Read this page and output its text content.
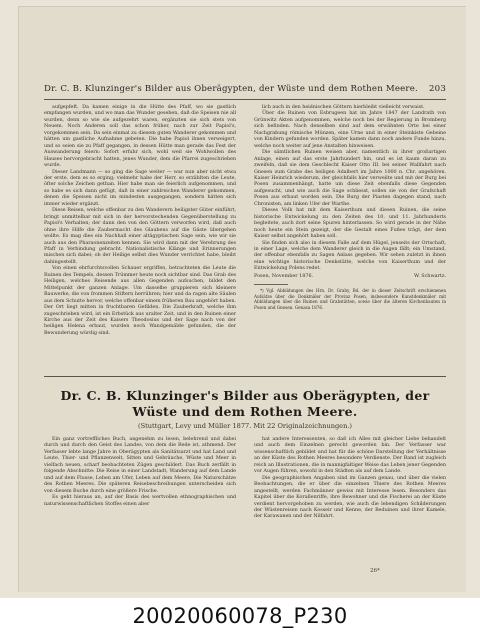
Dr. C. B. Klunzinger's Bilder aus Oberägypten, der Wüste und dem Rothen Meere. 203

aufgepfeft. Da kamen einige in die Hütte des Pfaff, wo sie gastlich empfangen wurden, und wo man das Wunder gesehen, daß die Speisen nie all wurden, denn so wie sie aufgezehrt waren, ergänzten sie sich stets von Neuem. Noch Anderen soll das schon früher, nach zur Zeit Papiol's, vorgekommen sein. Da sein einmal zu diesem guten Wanderer gekommen und hätten um gastliche Aufnahme gebeten. Die habe Papiol ihnen verweigert, und so seien sie zu Pfaff gegangen, in dessen Hütte man gerade das Fest der Auswanderung feiern: Sofort erfuhr sich, wohl weil sie Wohlwollen des Hauses hervorgebracht hatten, jenes Wunder, dem die Pfarrei zugeschrieben wurde.

Dieser Landmann — so ging die Sage weiter — war nun aber nicht etwa der erste, dem es so erging; vielmehr habe der Herr, so erzählten die Leute, öfter solche Zeichen gethan. Hier habe man sie feierlich aufgenommen, und so habe es sich dann gefügt, daß in einer zahlreichen Wanderer gekommen, denen die Speisen nicht im mindesten ausgegangen, sondern hätten sich immer wieder ergänzt.

Diese Reisen, welche offenbar zu den Wanderern heiligster Güter einführt, bringt unmittelbar mit sich in der hervorstechenden Gegenüberstellung zu Papiol's Verhalten; der dann den von den Göttern verworfen wird, daß auch ohne ihre Hilfe die Zaubermacht des Glaubens auf die Gäste übergehen wollte. Es mag dies ein Nachhall einer altägyptischen Sage sein, wie wir sie auch aus den Pharaonenzeiten kennen. Sie wird dann mit der Verehrung des Pfaff in Verbindung gebracht. Nationalistische Klänge und Erinnerungen mischen sich dabei; ob der Heilige selbst dies Wunder verrichtet habe, bleibt dahingestellt.

Von einen ehrfurchtsvollen Schauer ergriffen, betrachteten die Leute die Ruinen des Tempels, dessen Trümmer heute noch sichtbar sind. Das Grab des Heiligen, welches Reisende aus allen Gegenden aufsuchen, bildet den Mittelpunkt der ganzen Anlage. Um dasselbe gruppieren sich kleinere Bauwerke, die von frommen Stiftern herrühren; hier und da ragen alte Säulen aus dem Schutte hervor, welche offenbar einem früheren Bau angehört haben. Der Ort liegt mitten in fruchtbaren Gefilden. Die Zauberkraft, welche ihm zugeschrieben wird, ist ein Erbstück aus uralter Zeit, und in den Ruinen einer Kirche aus der Zeit des Kaisers Theodosius und der Sage nach von der heiligen Helena erbaut, wurden noch Wandgemälde gefunden, die der Bewunderung würdig sind.

lich auch in den heidnischen Göttern hierbleibt vielleicht verwaist.

Über die Ruinen von Esbrugeen hat im Jahre 1847 der Landrath von Grünwitz Akten aufgenommen, welche noch bei der Regierung in Bromberg sich befinden. Nach denselben sind auf dem erwähnten Orte bei einer Nachgrabung römische Münzen, eine Urne und in einer Steinkiste Gebeine von Kindern gefunden worden. Später kamen dann noch andere Funde hinzu, welche noch weiter auf jene Anstalten hinweisen.

Die sämtlichen Ruinen weisen aber, namentlich in ihrer großartigen Anlage, einen auf das erste Jahrhundert hin, und es ist kaum daran zu zweifeln, daß sie dem Geschlecht Kaiser Otto III. bei seiner Wallfahrt nach Gnesen zum Grabe des heiligen Adalbert im Jahre 1000 n. Chr. angehören. Kaiser Heinrich wiederum, der gleichfalls hier verweilte und mit der Burg bei Posen zusammenhängt, hatte um diese Zeit ebenfalls diese Gegenden aufgesucht, und wie auch die Sage schliesst, sollen sie von der Grafschaft Posen aus erbaut worden sein. Die Burg der Piasten dagegen stand, nach Chronisten, am linken Ufer der Warthe.

Dieses Volk hat mit dem Kaiserthum und diesen Ruinen, die seine historische Entwickelung zu den Zeiten des 10. und 11. Jahrhunderts begleitete, auch dort seine Spuren hinterlassen. So wird gerade in der Nähe noch heute ein Stein gezeigt, der die Gestalt eines Fußes trägt, der dem Kaiser selbst angehört haben soll.

Sie finden sich also in diesem Falle auf dem Hügel, jenseits der Ortschaft, in einer Lage, welche dem Wanderer gleich in die Augen fällt; ein Umstand, der offenbar ebenfalls zu Sagen Anlass gegeben. Wir sehen zuletzt in ihnen eine wichtige historische Denkstätte, welche von Kaiserthum und der Entwickelung Polens redet.

Posen, November 1876.	W. Schwartz.

*) Vgl. Abbildungen des Hrn. Dr. Graby, Bd. der in dieser Zeitschrift erschienenen Aufsätze über die Denkmäler der Provinz Posen, insbesondere Kunstdenkmäler mit Abbildungen über die Ruinen und Grabstätten, sowie über die älteren Kirchenbauten in Posen und Gnesen. Genasa 1876.

Dr. C. B. Klunzinger's Bilder aus Oberägypten, der Wüste und dem Rothen Meere.
(Stuttgart, Levy und Müller 1877. Mit 22 Originalzeichnungen.)

Ein ganz vortreffliches Buch, angenehm zu lesen, belehrend und dabei durch und durch den Geist des Landes, von dem die Rede ist, athmend. Der Verfasser lebte lange Jahre in Oberägypten als Sanitätsarzt und hat Land und Leute, Thier- und Pflanzenwelt, Sitten und Gebräuche, Wüste und Meer in vielfach neuen, scharf beobachteten Zügen geschildert. Das Buch zerfällt in folgende Abschnitte: Die Reise in einer Landstadt, Wanderung auf dem Lande und auf dem Flusse, Leben am Ufer, Leben auf dem Meere, Die Naturschätze des Rothen Meeres. Die späteren Reisebeschreibungen unterscheiden sich von diesem Buche durch eine größere Frische.

Es geht hieraus an, auf der Basis des wertvollen ethnographischen und naturwissenschaftlichen Stoffes einen aber

hat andere Interessenten, so daß ich Alles mit gleicher Liebe behandelt und auch dem Einzelnen gerecht geworden bin. Der Verfasser war wissenschaftlich gebildet und hat für die schöne Darstellung der Verhältnisse an der Küste des Rothen Meeres besondere Verdienste. Der Band ist zugleich reich an Illustrationen, die in mannigfaltiger Weise das Leben jener Gegenden vor Augen führen, sowohl in den Städten als auf dem Lande.

Die geographischen Angaben sind im Ganzen genau, und über die vielen Beobachtungen, die er über die einzelnen Thiere des Rothen Meeres angestellt, werden Fachmänner gewiss mit Interesse lesen. Besonders das Kapitel über die Korallenriffe, ihre Bewohner und die Fischerei an der Küste verdient hervorgehoben zu werden, wie auch die lebendigen Schilderungen der Wüstenreisen nach Kosseir und Kenne, der Beduinen und ihrer Kamele, der Karawanen und der Nilfahrt.

26*
20020060078_P230
